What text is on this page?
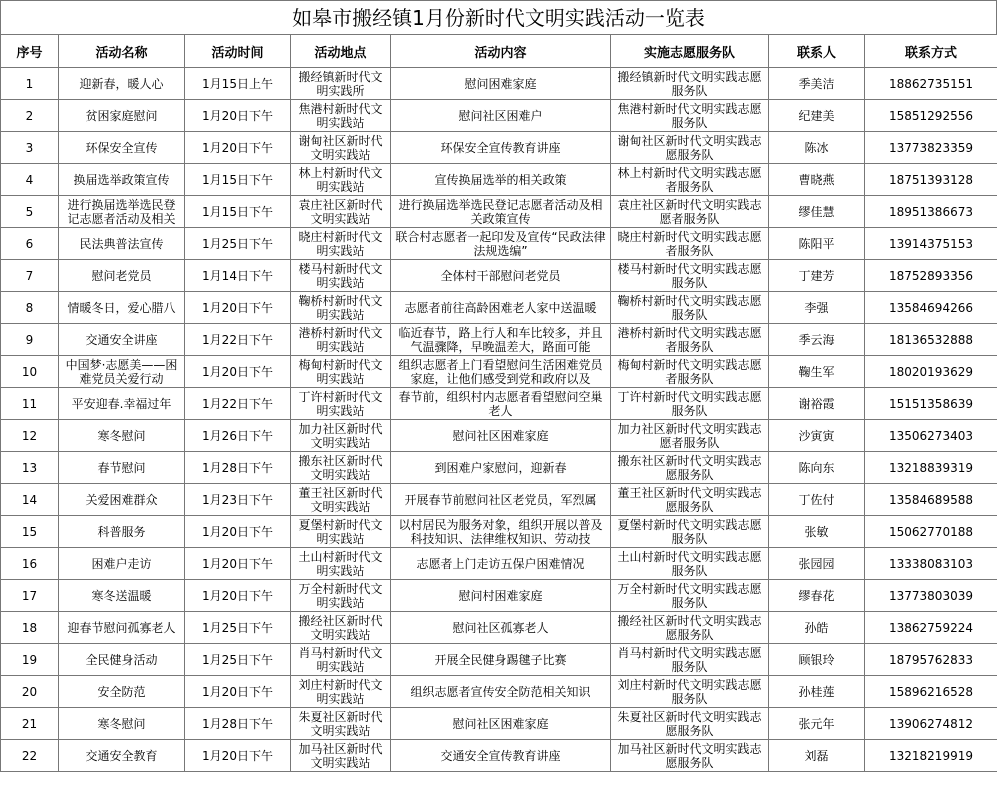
如皋市搬经镇1月份新时代文明实践活动一览表
序号	活动名称	活动时间	活动地点	活动内容	实施志愿服务队	联系人	联系方式

1	迎新春，暖人心	1月15日上午	搬经镇新时代文明实践所	慰问困难家庭	搬经镇新时代文明实践志愿服务队	季美洁	18862735151

2	贫困家庭慰问	1月20日下午	焦港村新时代文明实践站	慰问社区困难户	焦港村新时代文明实践志愿服务队	纪建美	15851292556

3	环保安全宣传	1月20日下午	谢甸社区新时代文明实践站	环保安全宣传教育讲座	谢甸社区新时代文明实践志愿服务队	陈冰	13773823359

4	换届选举政策宣传	1月15日下午	林上村新时代文明实践站	宣传换届选举的相关政策	林上村新时代文明实践志愿者服务队	曹晓燕	18751393128

5	进行换届选举选民登记志愿者活动及相关	1月15日下午	袁庄社区新时代文明实践站	进行换届选举选民登记志愿者活动及相关政策宣传	袁庄社区新时代文明实践志愿者服务队	缪佳慧	18951386673

6	民法典普法宣传	1月25日下午	晓庄村新时代文明实践站	联合村志愿者一起印发及宣传“民政法律法规选编”	晓庄村新时代文明实践志愿者服务队	陈阳平	13914375153

7	慰问老党员	1月14日下午	楼马村新时代文明实践站	全体村干部慰问老党员	楼马村新时代文明实践志愿服务队	丁建芳	18752893356

8	情暖冬日，爱心腊八	1月20日下午	鞠桥村新时代文明实践站	志愿者前往高龄困难老人家中送温暖	鞠桥村新时代文明实践志愿服务队	李强	13584694266

9	交通安全讲座	1月22日下午	港桥村新时代文明实践站	临近春节，路上行人和车比较多，并且气温骤降，早晚温差大，路面可能	港桥村新时代文明实践志愿者服务队	季云海	18136532888

10	中国梦·志愿美——困难党员关爱行动	1月20日下午	梅甸村新时代文明实践站	组织志愿者上门看望慰问生活困难党员家庭，让他们感受到党和政府以及	梅甸村新时代文明实践志愿者服务队	鞠生军	18020193629

11	平安迎春.幸福过年	1月22日下午	丁许村新时代文明实践站	春节前，组织村内志愿者看望慰问空巢老人	丁许村新时代文明实践志愿服务队	谢裕霞	15151358639

12	寒冬慰问	1月26日下午	加力社区新时代文明实践站	慰问社区困难家庭	加力社区新时代文明实践志愿者服务队	沙寅寅	13506273403

13	春节慰问	1月28日下午	搬东社区新时代文明实践站	到困难户家慰问，迎新春	搬东社区新时代文明实践志愿服务队	陈向东	13218839319

14	关爱困难群众	1月23日下午	董王社区新时代文明实践站	开展春节前慰问社区老党员，军烈属	董王社区新时代文明实践志愿服务队	丁佐付	13584689588

15	科普服务	1月20日下午	夏堡村新时代文明实践站	以村居民为服务对象，组织开展以普及科技知识、法律维权知识、劳动技	夏堡村新时代文明实践志愿服务队	张敏	15062770188

16	困难户走访	1月20日下午	土山村新时代文明实践站	志愿者上门走访五保户困难情况	土山村新时代文明实践志愿服务队	张园园	13338083103

17	寒冬送温暖	1月20日下午	万全村新时代文明实践站	慰问村困难家庭	万全村新时代文明实践志愿服务队	缪春花	13773803039

18	迎春节慰问孤寡老人	1月25日下午	搬经社区新时代文明实践站	慰问社区孤寡老人	搬经社区新时代文明实践志愿服务队	孙皓	13862759224

19	全民健身活动	1月25日下午	肖马村新时代文明实践站	开展全民健身踢毽子比赛	肖马村新时代文明实践志愿服务队	顾银玲	18795762833

20	安全防范	1月20日下午	刘庄村新时代文明实践站	组织志愿者宣传安全防范相关知识	刘庄村新时代文明实践志愿服务队	孙桂莲	15896216528

21	寒冬慰问	1月28日下午	朱夏社区新时代文明实践站	慰问社区困难家庭	朱夏社区新时代文明实践志愿服务队	张元年	13906274812

22	交通安全教育	1月20日下午	加马社区新时代文明实践站	交通安全宣传教育讲座	加马社区新时代文明实践志愿服务队	刘磊	13218219919
